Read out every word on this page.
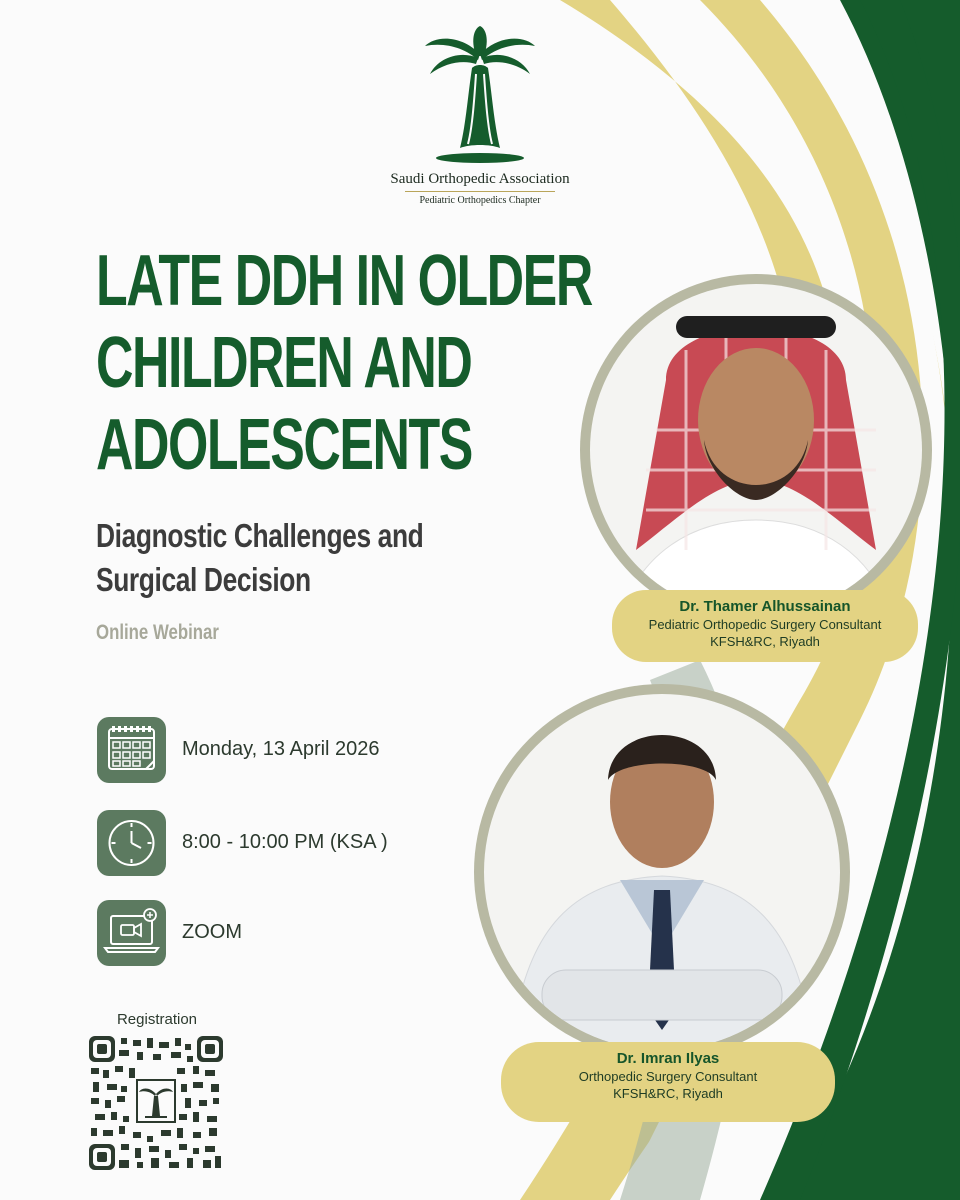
Saudi Orthopedic Association
Pediatric Orthopedics Chapter
LATE DDH IN OLDER
CHILDREN AND
ADOLESCENTS
Diagnostic Challenges and
Surgical Decision
Online Webinar
Monday, 13 April 2026
8:00 - 10:00 PM (KSA )
ZOOM
Registration
Dr. Thamer Alhussainan
Pediatric Orthopedic Surgery Consultant
KFSH&RC, Riyadh
Dr. Imran Ilyas
Orthopedic Surgery Consultant
KFSH&RC, Riyadh
